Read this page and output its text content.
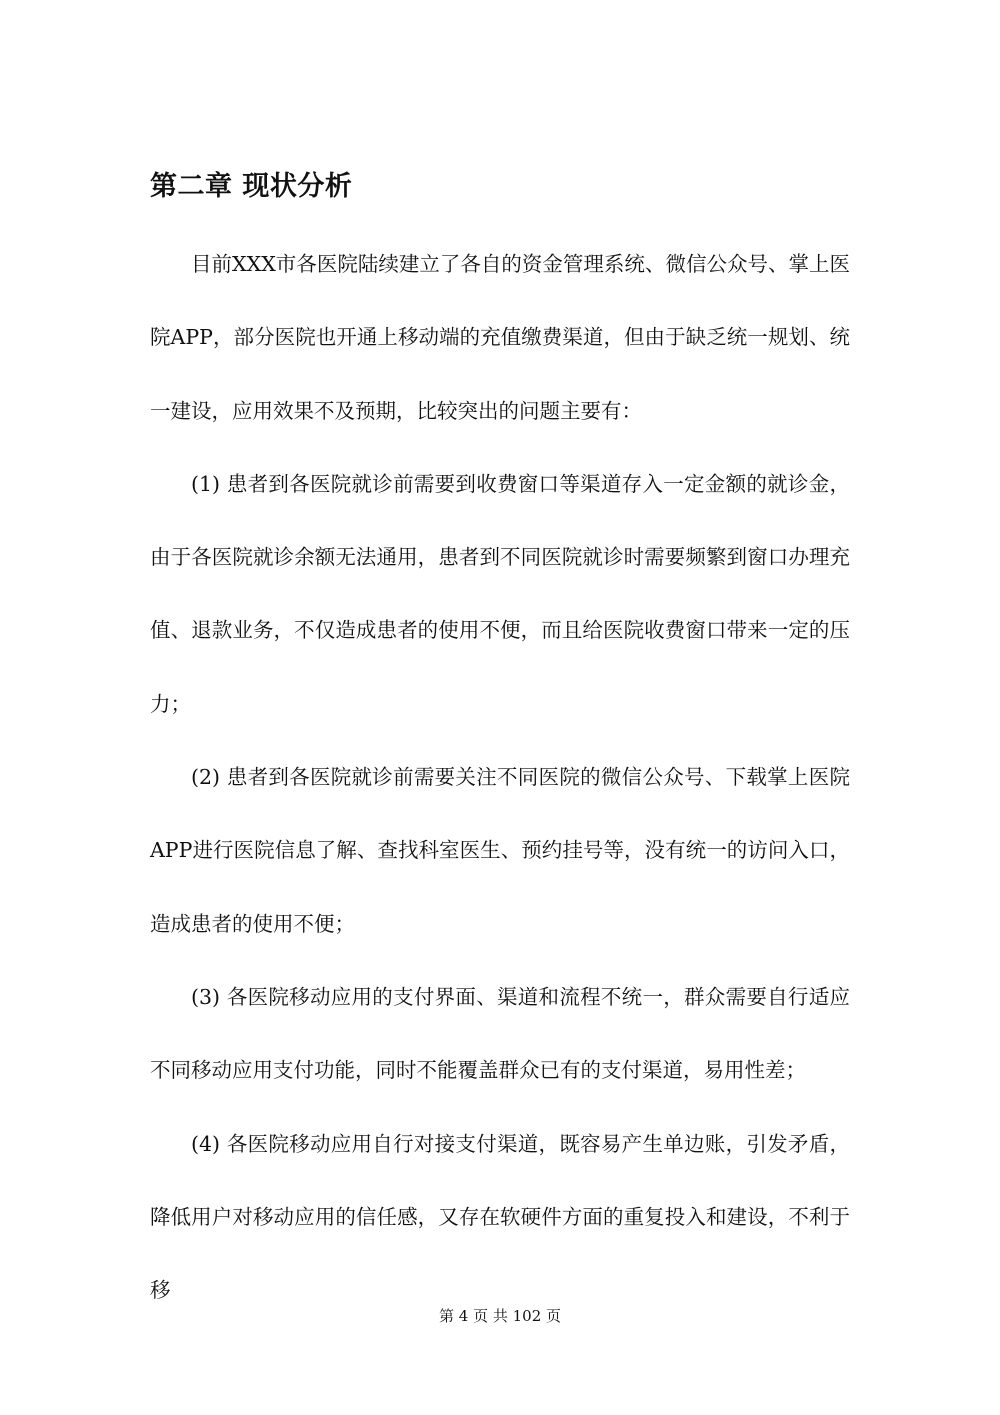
第二章 现状分析

目前XXX市各医院陆续建立了各自的资金管理系统、微信公众号、掌上医院APP，部分医院也开通上移动端的充值缴费渠道，但由于缺乏统一规划、统一建设，应用效果不及预期，比较突出的问题主要有：

(1) 患者到各医院就诊前需要到收费窗口等渠道存入一定金额的就诊金，由于各医院就诊余额无法通用，患者到不同医院就诊时需要频繁到窗口办理充值、退款业务，不仅造成患者的使用不便，而且给医院收费窗口带来一定的压力；

(2) 患者到各医院就诊前需要关注不同医院的微信公众号、下载掌上医院APP进行医院信息了解、查找科室医生、预约挂号等，没有统一的访问入口，造成患者的使用不便；

(3) 各医院移动应用的支付界面、渠道和流程不统一，群众需要自行适应不同移动应用支付功能，同时不能覆盖群众已有的支付渠道，易用性差；

(4) 各医院移动应用自行对接支付渠道，既容易产生单边账，引发矛盾，降低用户对移动应用的信任感，又存在软硬件方面的重复投入和建设，不利于移

第 4 页 共 102 页
